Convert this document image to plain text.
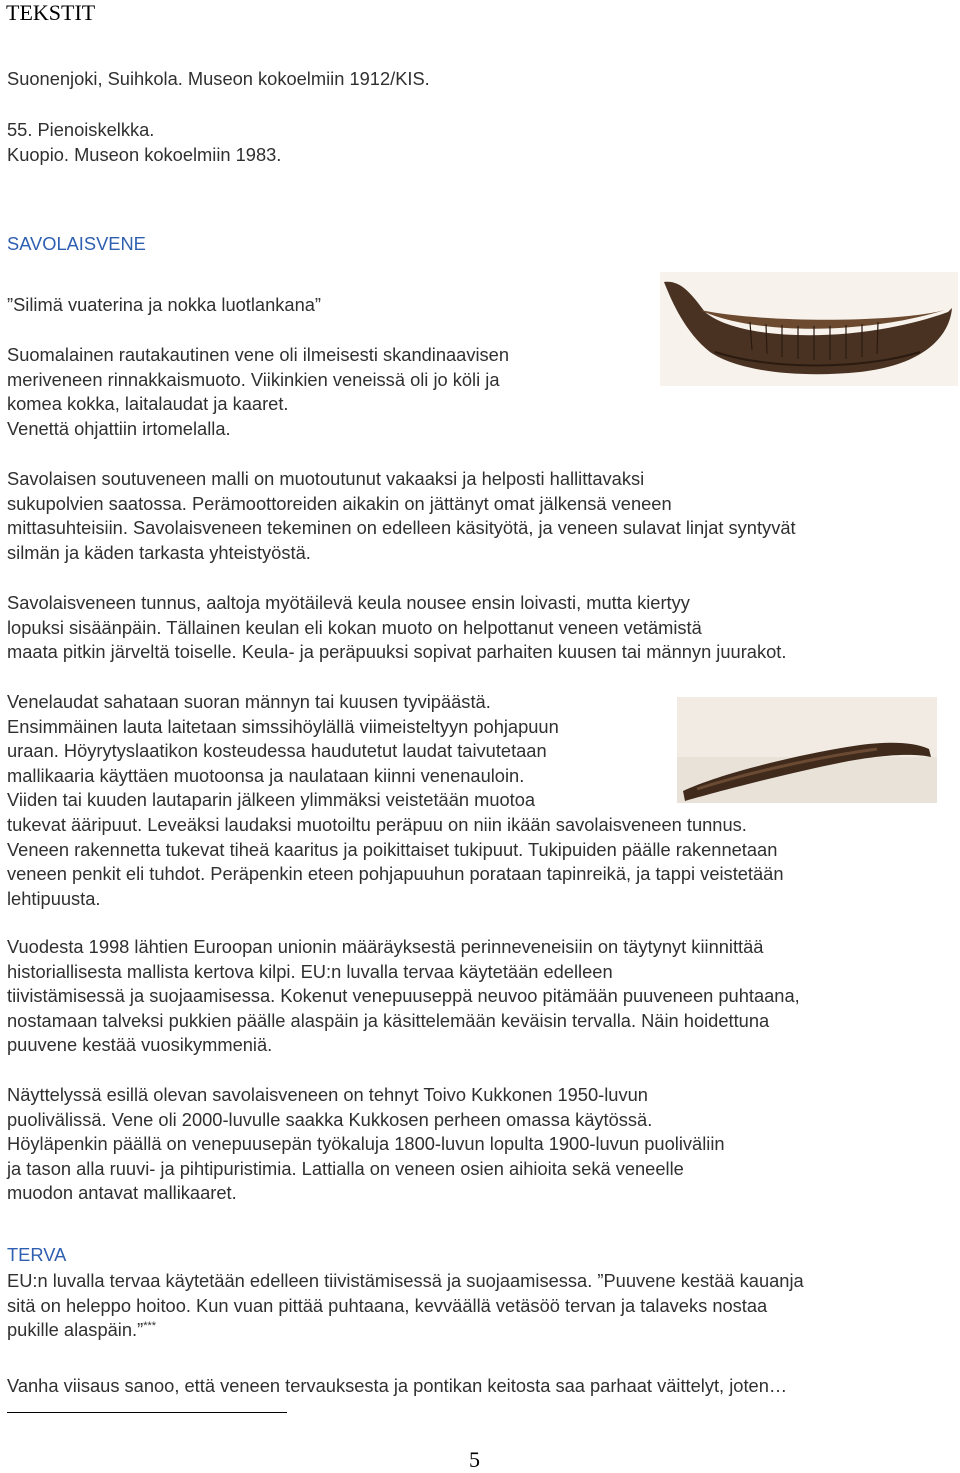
TEKSTIT
Suonenjoki, Suihkola. Museon kokoelmiin 1912/KIS.
55. Pienoiskelkka.
Kuopio. Museon kokoelmiin 1983.
SAVOLAISVENE
”Silimä vuaterina ja nokka luotlankana”
Suomalainen rautakautinen vene oli ilmeisesti skandinaavisen
meriveneen rinnakkaismuoto. Viikinkien veneissä oli jo köli ja
komea kokka, laitalaudat ja kaaret.
Venettä ohjattiin irtomelalla.
Savolaisen soutuveneen malli on muotoutunut vakaaksi ja helposti hallittavaksi
sukupolvien saatossa. Perämoottoreiden aikakin on jättänyt omat jälkensä veneen
mittasuhteisiin. Savolaisveneen tekeminen on edelleen käsityötä, ja veneen sulavat linjat syntyvät
silmän ja käden tarkasta yhteistyöstä.
Savolaisveneen tunnus, aaltoja myötäilevä keula nousee ensin loivasti, mutta kiertyy
lopuksi sisäänpäin. Tällainen keulan eli kokan muoto on helpottanut veneen vetämistä
maata pitkin järveltä toiselle. Keula- ja peräpuuksi sopivat parhaiten kuusen tai männyn juurakot.
Venelaudat sahataan suoran männyn tai kuusen tyvipäästä.
Ensimmäinen lauta laitetaan simssihöylällä viimeisteltyyn pohjapuun
uraan. Höyrytyslaatikon kosteudessa haudutetut laudat taivutetaan
mallikaaria käyttäen muotoonsa ja naulataan kiinni venenauloin.
Viiden tai kuuden lautaparin jälkeen ylimmäksi veistetään muotoa
tukevat ääripuut. Leveäksi laudaksi muotoiltu peräpuu on niin ikään savolaisveneen tunnus.
Veneen rakennetta tukevat tiheä kaaritus ja poikittaiset tukipuut. Tukipuiden päälle rakennetaan
veneen penkit eli tuhdot. Peräpenkin eteen pohjapuuhun porataan tapinreikä, ja tappi veistetään
lehtipuusta.
Vuodesta 1998 lähtien Euroopan unionin määräyksestä perinneveneisiin on täytynyt kiinnittää
historiallisesta mallista kertova kilpi. EU:n luvalla tervaa käytetään edelleen
tiivistämisessä ja suojaamisessa. Kokenut venepuuseppä neuvoo pitämään puuveneen puhtaana,
nostamaan talveksi pukkien päälle alaspäin ja käsittelemään keväisin tervalla. Näin hoidettuna
puuvene kestää vuosikymmeniä.
Näyttelyssä esillä olevan savolaisveneen on tehnyt Toivo Kukkonen 1950-luvun
puolivälissä. Vene oli 2000-luvulle saakka Kukkosen perheen omassa käytössä.
Höyläpenkin päällä on venepuusepän työkaluja 1800-luvun lopulta 1900-luvun puoliväliin
ja tason alla ruuvi- ja pihtipuristimia. Lattialla on veneen osien aihioita sekä veneelle
muodon antavat mallikaaret.
TERVA
EU:n luvalla tervaa käytetään edelleen tiivistämisessä ja suojaamisessa. ”Puuvene kestää kauanja
sitä on heleppo hoitoo. Kun vuan pittää puhtaana, kevväällä vetäsöö tervan ja talaveks nostaa
pukille alaspäin.”***
Vanha viisaus sanoo, että veneen tervauksesta ja pontikan keitosta saa parhaat väittelyt, joten…
5
